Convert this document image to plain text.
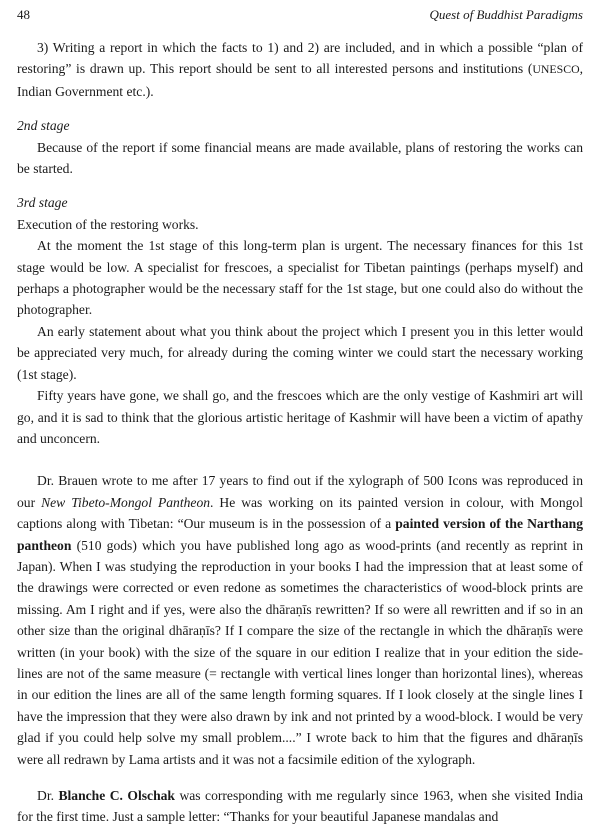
48	Quest of Buddhist Paradigms

3) Writing a report in which the facts to 1) and 2) are included, and in which a possible “plan of restoring” is drawn up. This report should be sent to all interested persons and institutions (UNESCO, Indian Government etc.).

2nd stage

Because of the report if some financial means are made available, plans of restoring the works can be started.

3rd stage

Execution of the restoring works.

At the moment the 1st stage of this long-term plan is urgent. The necessary finances for this 1st stage would be low. A specialist for frescoes, a specialist for Tibetan paintings (perhaps myself) and perhaps a photographer would be the necessary staff for the 1st stage, but one could also do without the photographer.

An early statement about what you think about the project which I present you in this letter would be appreciated very much, for already during the coming winter we could start the necessary working (1st stage).

Fifty years have gone, we shall go, and the frescoes which are the only vestige of Kashmiri art will go, and it is sad to think that the glorious artistic heritage of Kashmir will have been a victim of apathy and unconcern.

Dr. Brauen wrote to me after 17 years to find out if the xylograph of 500 Icons was reproduced in our New Tibeto-Mongol Pantheon. He was working on its painted version in colour, with Mongol captions along with Tibetan: “Our museum is in the possession of a painted version of the Narthang pantheon (510 gods) which you have published long ago as wood-prints (and recently as reprint in Japan). When I was studying the reproduction in your books I had the impression that at least some of the drawings were corrected or even redone as sometimes the characteristics of wood-block prints are missing. Am I right and if yes, were also the dhāraṇīs rewritten? If so were all rewritten and if so in an other size than the original dhāraṇīs? If I compare the size of the rectangle in which the dhāraṇīs were written (in your book) with the size of the square in our edition I realize that in your edition the side-lines are not of the same measure (= rectangle with vertical lines longer than horizontal lines), whereas in our edition the lines are all of the same length forming squares. If I look closely at the single lines I have the impression that they were also drawn by ink and not printed by a wood-block. I would be very glad if you could help solve my small problem....” I wrote back to him that the figures and dhāraṇīs were all redrawn by Lama artists and it was not a facsimile edition of the xylograph.

Dr. Blanche C. Olschak was corresponding with me regularly since 1963, when she visited India for the first time. Just a sample letter: “Thanks for your beautiful Japanese mandalas and
